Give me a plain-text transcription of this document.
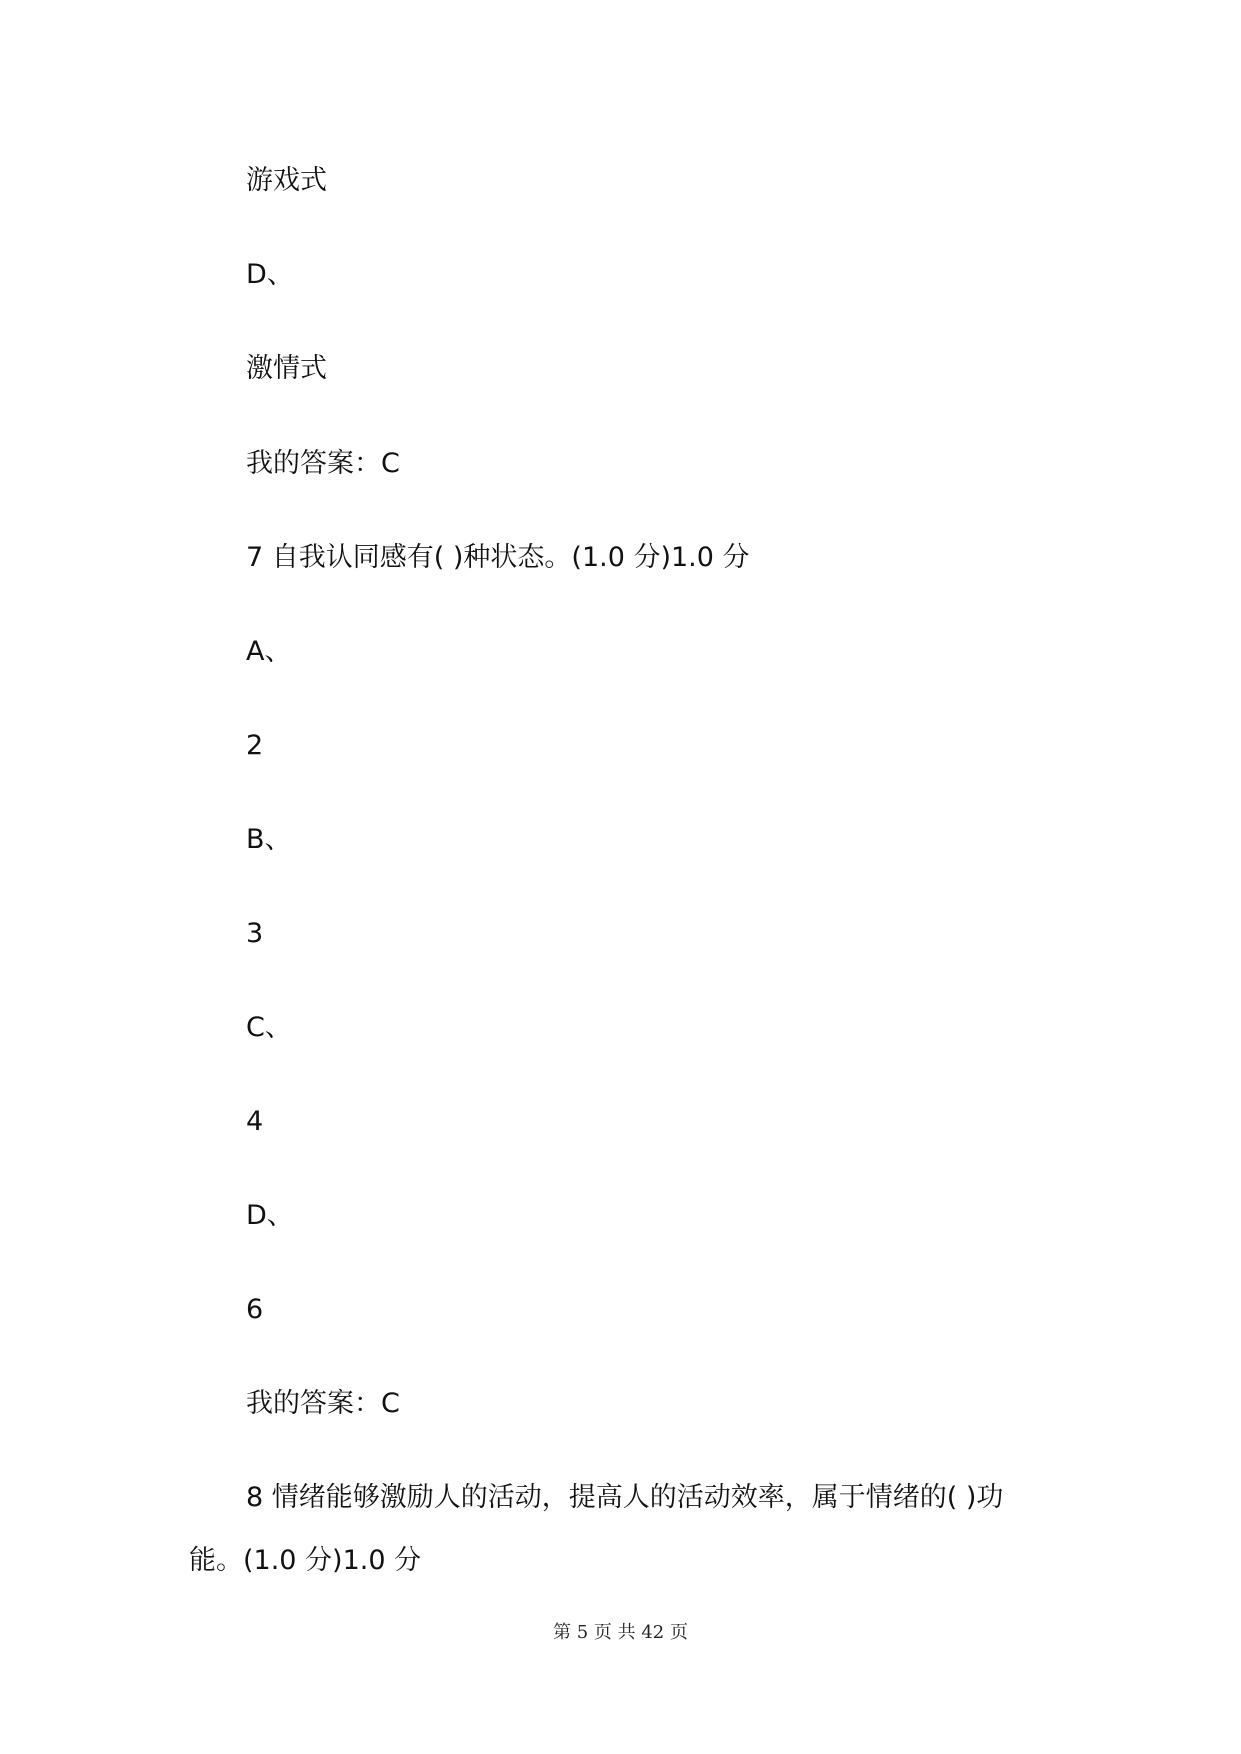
游戏式
D、
激情式
我的答案：C
7 自我认同感有( )种状态。(1.0 分)1.0 分
A、
2
B、
3
C、
4
D、
6
我的答案：C
8 情绪能够激励人的活动，提高人的活动效率，属于情绪的( )功
能。(1.0 分)1.0 分
第 5 页 共 42 页
